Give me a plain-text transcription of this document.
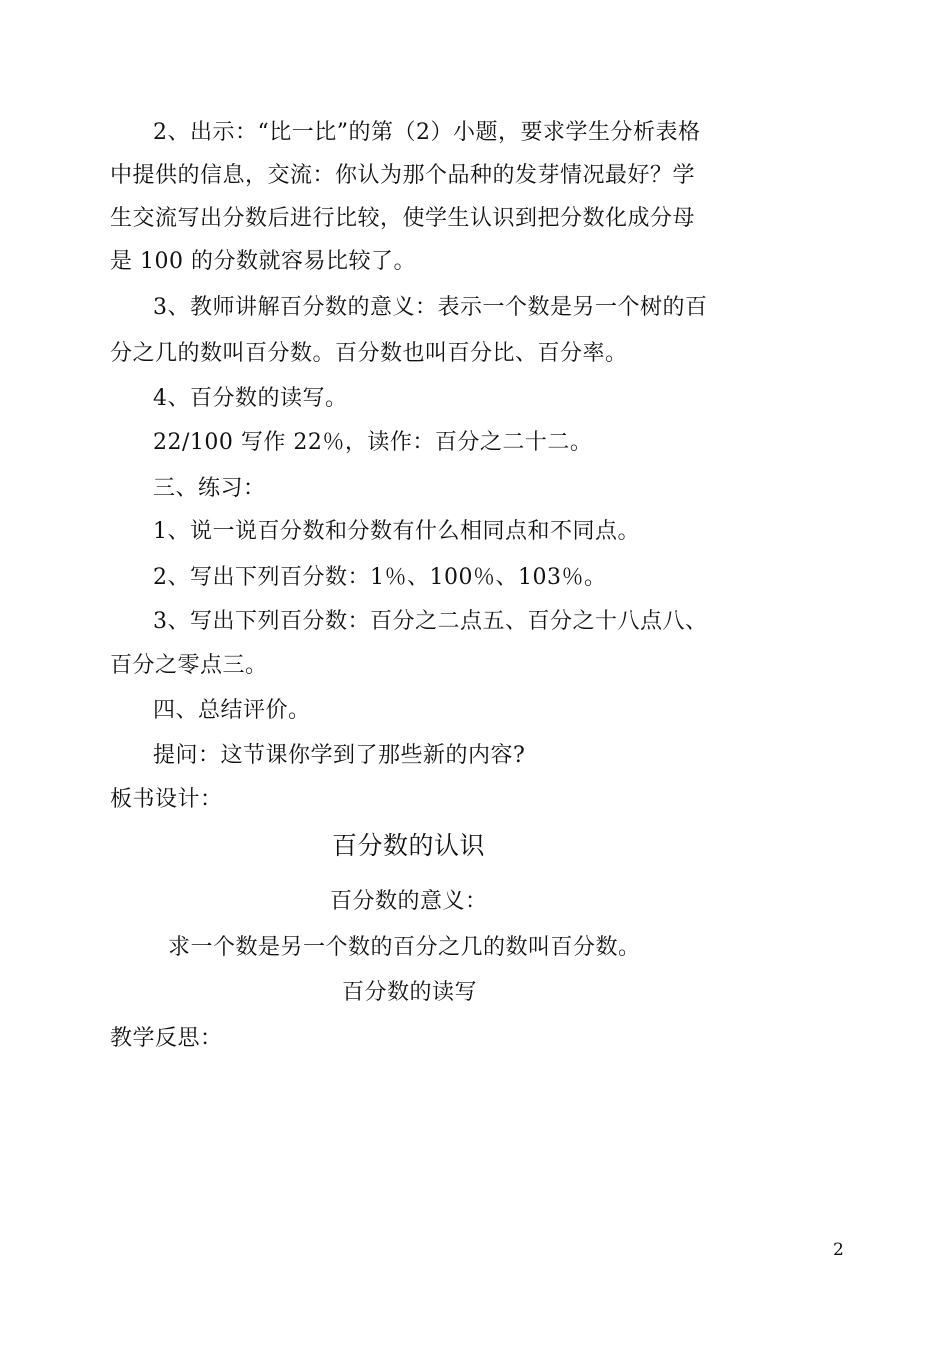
2、出示：“比一比”的第（2）小题，要求学生分析表格
中提供的信息，交流：你认为那个品种的发芽情况最好？学
生交流写出分数后进行比较，使学生认识到把分数化成分母
是 100 的分数就容易比较了。
3、教师讲解百分数的意义：表示一个数是另一个树的百
分之几的数叫百分数。百分数也叫百分比、百分率。
4、百分数的读写。
22/100 写作 22％，读作：百分之二十二。
三、练习：
1、说一说百分数和分数有什么相同点和不同点。
2、写出下列百分数：1％、100％、103％。
3、写出下列百分数：百分之二点五、百分之十八点八、
百分之零点三。
四、总结评价。
提问：这节课你学到了那些新的内容?
板书设计：
百分数的认识
百分数的意义：
求一个数是另一个数的百分之几的数叫百分数。
百分数的读写
教学反思：
2
